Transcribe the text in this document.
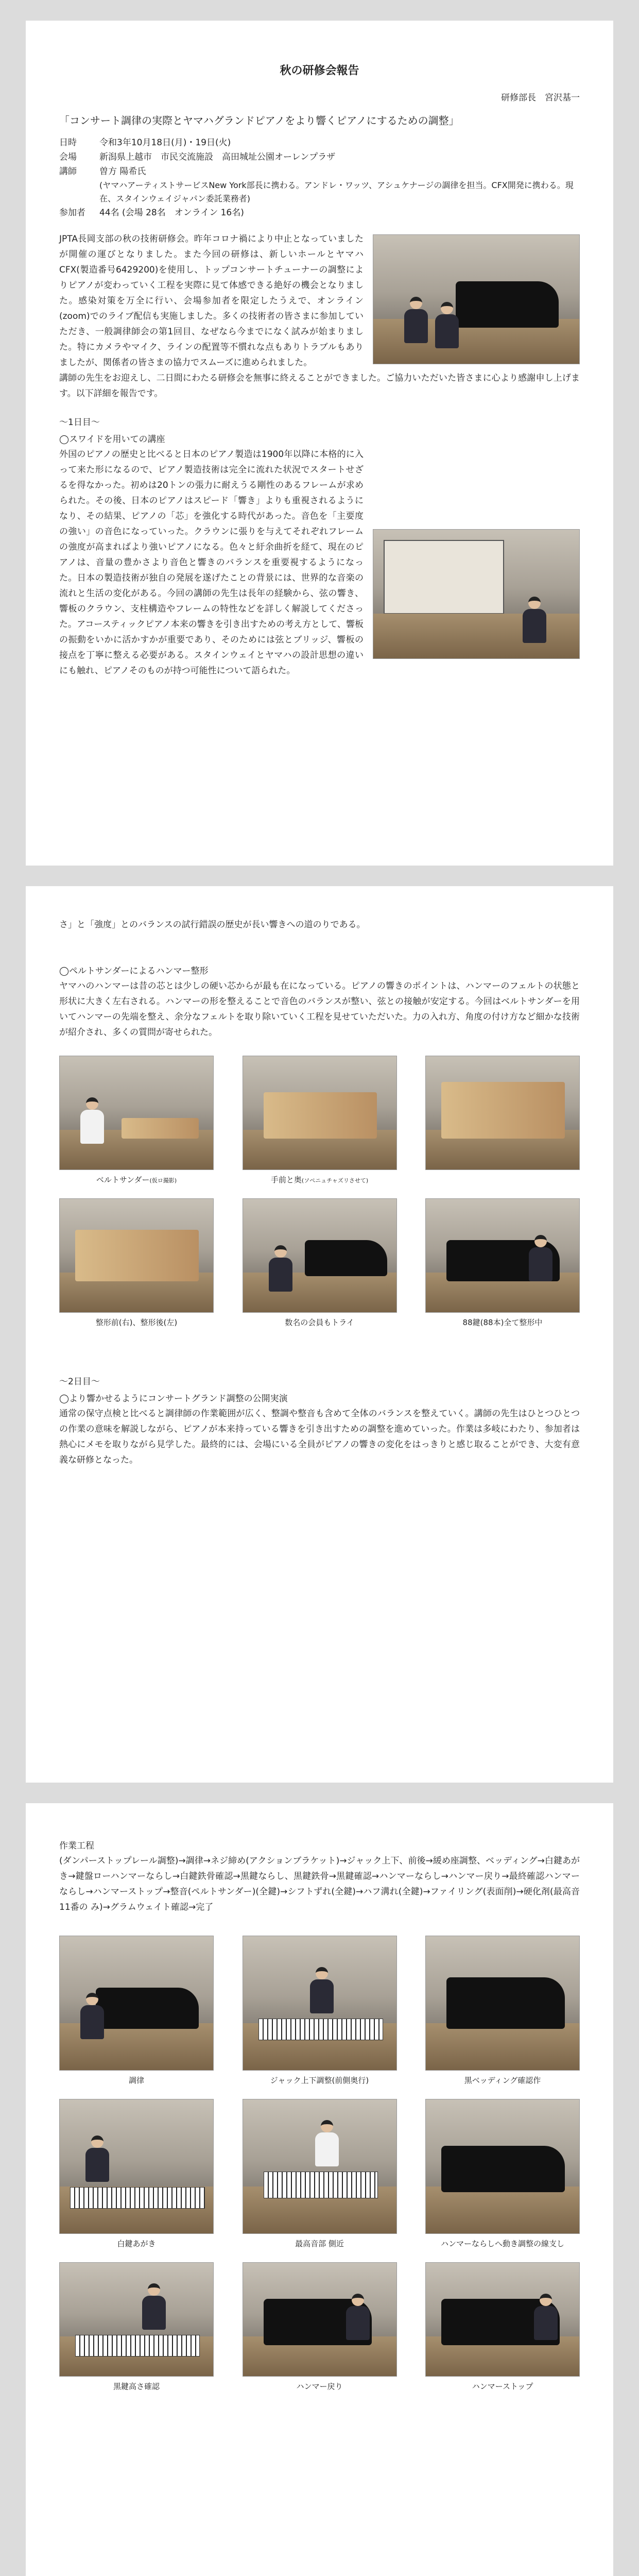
秋の研修会報告
研修部長　宮沢基一
「コンサート調律の実際とヤマハグランドピアノをより響くピアノにするための調整」
日時	令和3年10月18日(月)・19日(火)
会場	新潟県上越市　市民交流施設　高田城址公園オーレンプラザ
講師	曽方 陽希氏
(ヤマハアーティストサービスNew York部長に携わる。アンドレ・ワッツ、アシュケナージの調律を担当。CFX開発に携わる。現在、スタインウェイジャパン委託業務者)
参加者	44名 (会場 28名　オンライン 16名)
JPTA長岡支部の秋の技術研修会。昨年コロナ禍により中止となっていましたが開催の運びとなりました。また今回の研修は、新しいホールとヤマハCFX(製造番号6429200)を使用し、トップコンサートチューナーの調整によりピアノが変わっていく工程を実際に見て体感できる絶好の機会となりました。感染対策を万全に行い、会場参加者を限定したうえで、オンライン(zoom)でのライブ配信も実施しました。多くの技術者の皆さまに参加していただき、一般調律師会の第1回目、なぜなら今までになく試みが始まりました。特にカメラやマイク、ラインの配置等不慣れな点もありトラブルもありましたが、関係者の皆さまの協力でスムーズに進められました。
講師の先生をお迎えし、二日間にわたる研修会を無事に終えることができました。ご協力いただいた皆さまに心より感謝申し上げます。以下詳細を報告です。
〜1日目〜
◯スワイドを用いての講座
外国のピアノの歴史と比べると日本のピアノ製造は1900年以降に本格的に入って来た形になるので、ピアノ製造技術は完全に流れた状況でスタートせざるを得なかった。初めは20トンの張力に耐えうる剛性のあるフレームが求められた。その後、日本のピアノはスピード「響き」よりも重視されるようになり、その結果、ピアノの「芯」を強化する時代があった。音色を「主要度の強い」の音色になっていった。クラウンに張りを与えてそれぞれフレームの強度が高まればより強いピアノになる。色々と紆余曲折を経て、現在のピアノは、音量の豊かさより音色と響きのバランスを重要視するようになった。日本の製造技術が独自の発展を遂げたことの背景には、世界的な音楽の流れと生活の変化がある。今回の講師の先生は長年の経験から、弦の響き、響板のクラウン、支柱構造やフレームの特性などを詳しく解説してくださった。アコースティックピアノ本来の響きを引き出すための考え方として、響板の振動をいかに活かすかが重要であり、そのためには弦とブリッジ、響板の接点を丁寧に整える必要がある。スタインウェイとヤマハの設計思想の違いにも触れ、ピアノそのものが持つ可能性について語られた。
さ」と「強度」とのバランスの試行錯誤の歴史が長い響きへの道のりである。
◯ペルトサンダーによるハンマー整形
ヤマハのハンマーは昔の芯とは少しの硬い芯からが最も在になっている。ピアノの響きのポイントは、ハンマーのフェルトの状態と形状に大きく左右される。ハンマーの形を整えることで音色のバランスが整い、弦との接触が安定する。今回はベルトサンダーを用いてハンマーの先端を整え、余分なフェルトを取り除いていく工程を見せていただいた。力の入れ方、角度の付け方など細かな技術が紹介され、多くの質問が寄せられた。
ベルトサンダー(仮ロ撮影)	手前と奥(ソペニュチャズリさせて)
整形前(右)、整形後(左)	数名の会員もトライ	88鍵(88本)全て整形中
〜2日目〜
◯より響かせるようにコンサートグランド調整の公開実演
通常の保守点検と比べると調律師の作業範囲が広く、整調や整音も含めて全体のバランスを整えていく。講師の先生はひとつひとつの作業の意味を解説しながら、ピアノが本来持っている響きを引き出すための調整を進めていった。作業は多岐にわたり、参加者は熱心にメモを取りながら見学した。最終的には、会場にいる全員がピアノの響きの変化をはっきりと感じ取ることができ、大変有意義な研修となった。
作業工程
(ダンパーストップレール調整)→調律→ネジ締め(アクションブラケット)→ジャック上下、前後→緩め座調整、ベッディング→白鍵あがき→鍵盤ローハンマーならし→白鍵鉄骨確認→黒鍵ならし、黒鍵鉄骨→黒鍵確認→ハンマーならし→ハンマー戻り→最終確認ハンマーならし→ハンマーストップ→整音(ペルトサンダー)(全鍵)→シフトずれ(全鍵)→ハフ溝れ(全鍵)→ファイリング(表面削)→硬化剤(最高音11番の み)→グラムウェイト確認→完了
調律	ジャック上下調整(前側奥行)	黒ベッディング確認作
白鍵あがき	最高音部 側近	ハンマーならしへ動き調整の線支し
黒鍵高さ確認	ハンマー戻り	ハンマーストップ
